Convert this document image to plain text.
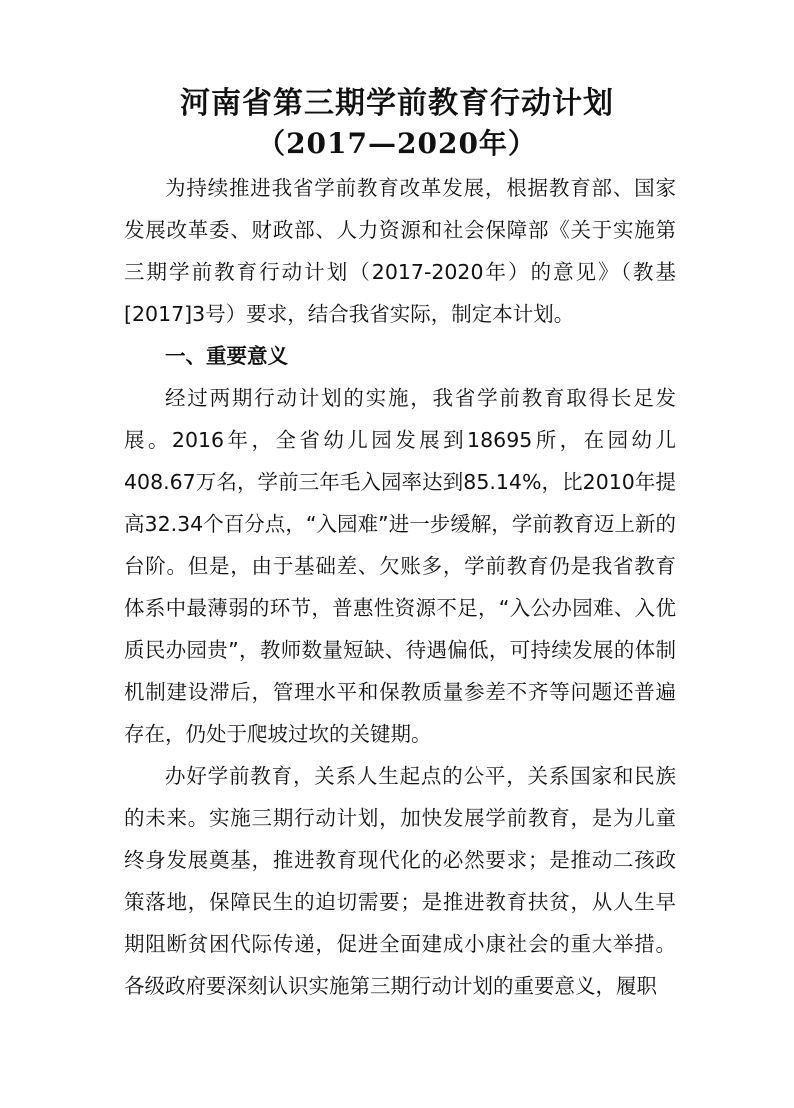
河南省第三期学前教育行动计划
（2017—2020年）

为持续推进我省学前教育改革发展，根据教育部、国家发展改革委、财政部、人力资源和社会保障部《关于实施第三期学前教育行动计划（2017-2020年）的意见》（教基[2017]3号）要求，结合我省实际，制定本计划。

一、重要意义

经过两期行动计划的实施，我省学前教育取得长足发展。2016年，全省幼儿园发展到18695所，在园幼儿408.67万名，学前三年毛入园率达到85.14%，比2010年提高32.34个百分点，“入园难”进一步缓解，学前教育迈上新的台阶。但是，由于基础差、欠账多，学前教育仍是我省教育体系中最薄弱的环节，普惠性资源不足，“入公办园难、入优质民办园贵”，教师数量短缺、待遇偏低，可持续发展的体制机制建设滞后，管理水平和保教质量参差不齐等问题还普遍存在，仍处于爬坡过坎的关键期。

办好学前教育，关系人生起点的公平，关系国家和民族的未来。实施三期行动计划，加快发展学前教育，是为儿童终身发展奠基，推进教育现代化的必然要求；是推动二孩政策落地，保障民生的迫切需要；是推进教育扶贫，从人生早期阻断贫困代际传递，促进全面建成小康社会的重大举措。各级政府要深刻认识实施第三期行动计划的重要意义，履职
